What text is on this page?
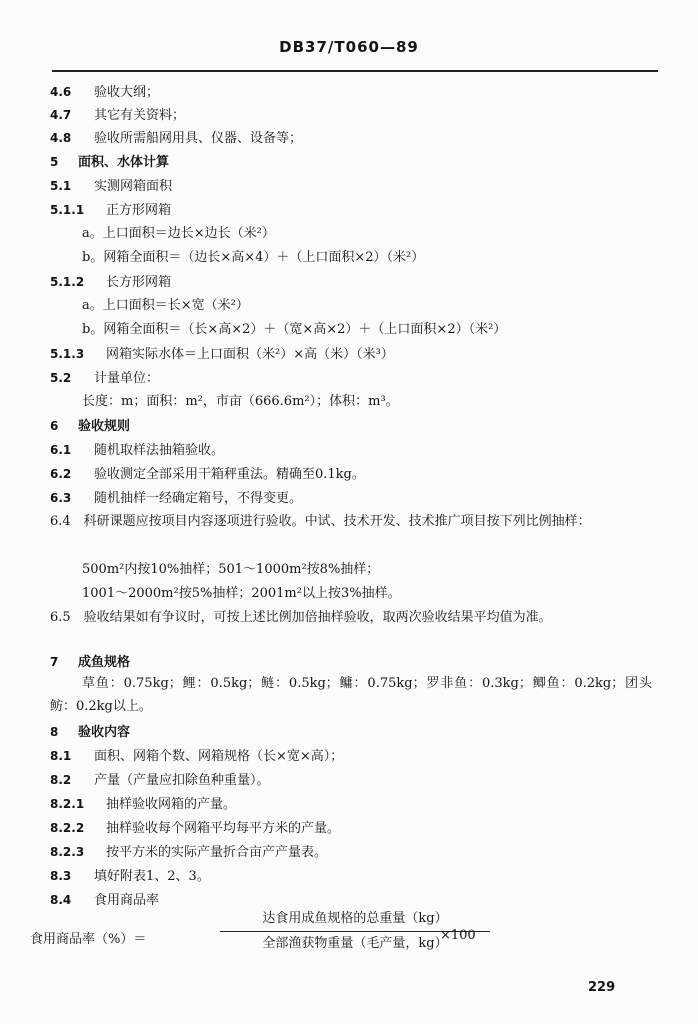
DB37/T060—89
4.6 验收大纲；
4.7 其它有关资料；
4.8 验收所需船网用具、仪器、设备等；
5 面积、水体计算
5.1 实测网箱面积
5.1.1 正方形网箱
a。上口面积＝边长×边长（米²）
b。网箱全面积＝（边长×高×4）＋（上口面积×2）（米²）
5.1.2 长方形网箱
a。上口面积＝长×宽（米²）
b。网箱全面积＝（长×高×2）＋（宽×高×2）＋（上口面积×2）（米²）
5.1.3 网箱实际水体＝上口面积（米²）×高（米）（米³）
5.2 计量单位：
长度：m；面积：m²，市亩（666.6m²）；体积：m³。
6 验收规则
6.1 随机取样法抽箱验收。
6.2 验收测定全部采用干箱秤重法。精确至0.1kg。
6.3 随机抽样一经确定箱号，不得变更。
6.4　科研课题应按项目内容逐项进行验收。中试、技术开发、技术推广项目按下列比例抽样：
500m²内按10%抽样；501～1000m²按8%抽样；
1001～2000m²按5%抽样；2001m²以上按3%抽样。
6.5　验收结果如有争议时，可按上述比例加倍抽样验收，取两次验收结果平均值为准。
7 成鱼规格
草鱼：0.75kg；鲤：0.5kg；鲢：0.5kg；鳙：0.75kg；罗非鱼：0.3kg；鲫鱼：0.2kg；团头鲂：0.2kg以上。
8 验收内容
8.1 面积、网箱个数、网箱规格（长×宽×高）；
8.2 产量（产量应扣除鱼种重量）。
8.2.1 抽样验收网箱的产量。
8.2.2 抽样验收每个网箱平均每平方米的产量。
8.2.3 按平方米的实际产量折合亩产产量表。
8.3 填好附表1、2、3。
8.4 食用商品率
食用商品率（%）＝
达食用成鱼规格的总重量（kg）
全部渔获物重量（毛产量，kg）
×100
229
